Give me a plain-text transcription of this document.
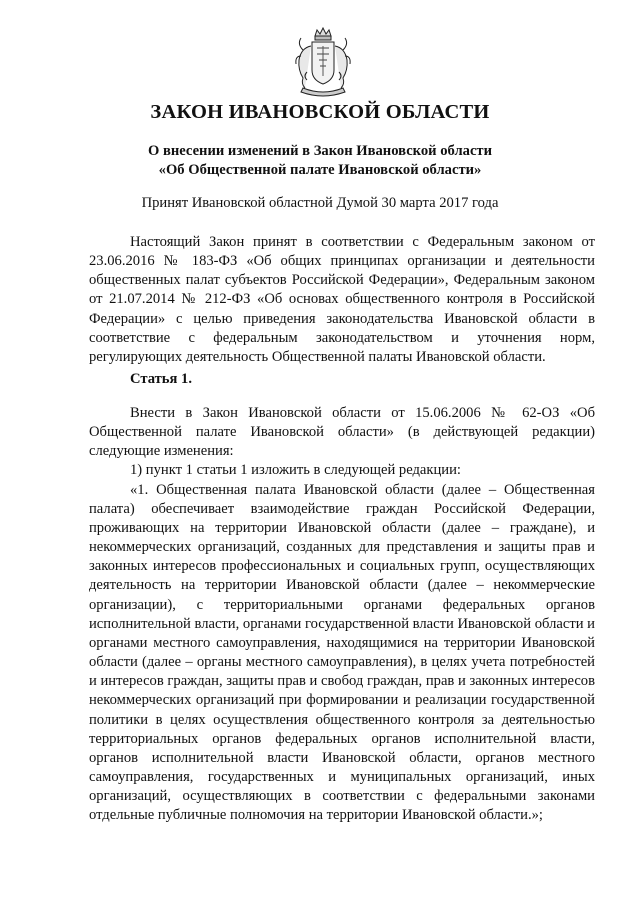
ЗАКОН ИВАНОВСКОЙ ОБЛАСТИ
О внесении изменений в Закон Ивановской области
«Об Общественной палате Ивановской области»
Принят Ивановской областной Думой 30 марта 2017 года

Настоящий Закон принят в соответствии с Федеральным законом от 23.06.2016 № 183-ФЗ «Об общих принципах организации и деятельности общественных палат субъектов Российской Федерации», Федеральным законом от 21.07.2014 № 212-ФЗ «Об основах общественного контроля в Российской Федерации» с целью приведения законодательства Ивановской области в соответствие с федеральным законодательством и уточнения норм, регулирующих деятельность Общественной палаты Ивановской области.

Статья 1.

Внести в Закон Ивановской области от 15.06.2006 № 62-ОЗ «Об Общественной палате Ивановской области» (в действующей редакции) следующие изменения:

1) пункт 1 статьи 1 изложить в следующей редакции:

«1. Общественная палата Ивановской области (далее – Общественная палата) обеспечивает взаимодействие граждан Российской Федерации, проживающих на территории Ивановской области (далее – граждане), и некоммерческих организаций, созданных для представления и защиты прав и законных интересов профессиональных и социальных групп, осуществляющих деятельность на территории Ивановской области (далее – некоммерческие организации), с территориальными органами федеральных органов исполнительной власти, органами государственной власти Ивановской области и органами местного самоуправления, находящимися на территории Ивановской области (далее – органы местного самоуправления), в целях учета потребностей и интересов граждан, защиты прав и свобод граждан, прав и законных интересов некоммерческих организаций при формировании и реализации государственной политики в целях осуществления общественного контроля за деятельностью территориальных органов федеральных органов исполнительной власти, органов исполнительной власти Ивановской области, органов местного самоуправления, государственных и муниципальных организаций, иных организаций, осуществляющих в соответствии с федеральными законами отдельные публичные полномочия на территории Ивановской области.»;
